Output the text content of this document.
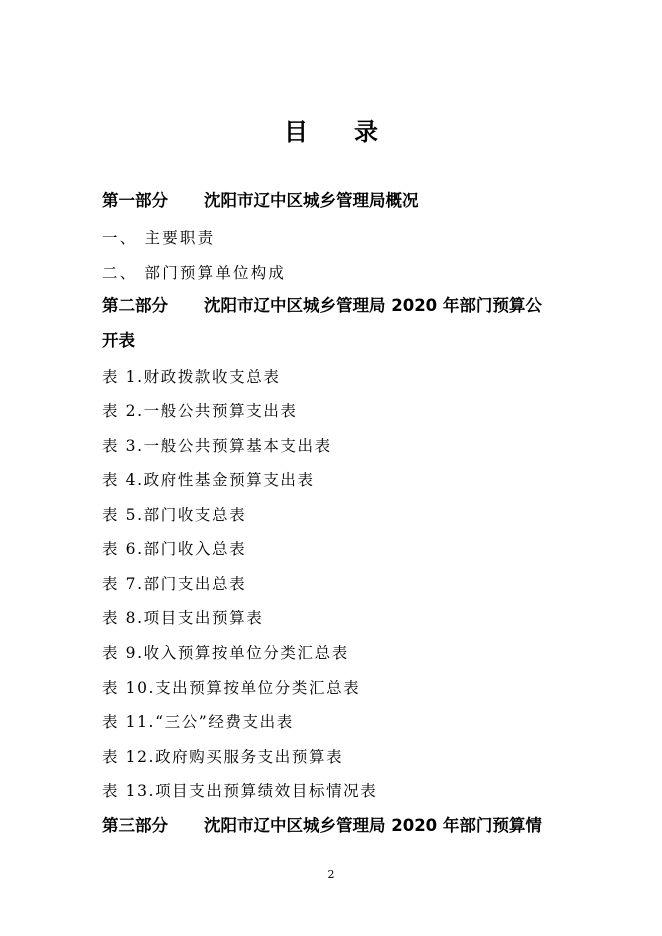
目 录
第一部分 沈阳市辽中区城乡管理局概况
一、 主要职责
二、 部门预算单位构成
第二部分 沈阳市辽中区城乡管理局 2020 年部门预算公
开表
表 1.财政拨款收支总表
表 2.一般公共预算支出表
表 3.一般公共预算基本支出表
表 4.政府性基金预算支出表
表 5.部门收支总表
表 6.部门收入总表
表 7.部门支出总表
表 8.项目支出预算表
表 9.收入预算按单位分类汇总表
表 10.支出预算按单位分类汇总表
表 11.“三公”经费支出表
表 12.政府购买服务支出预算表
表 13.项目支出预算绩效目标情况表
第三部分 沈阳市辽中区城乡管理局 2020 年部门预算情
2
